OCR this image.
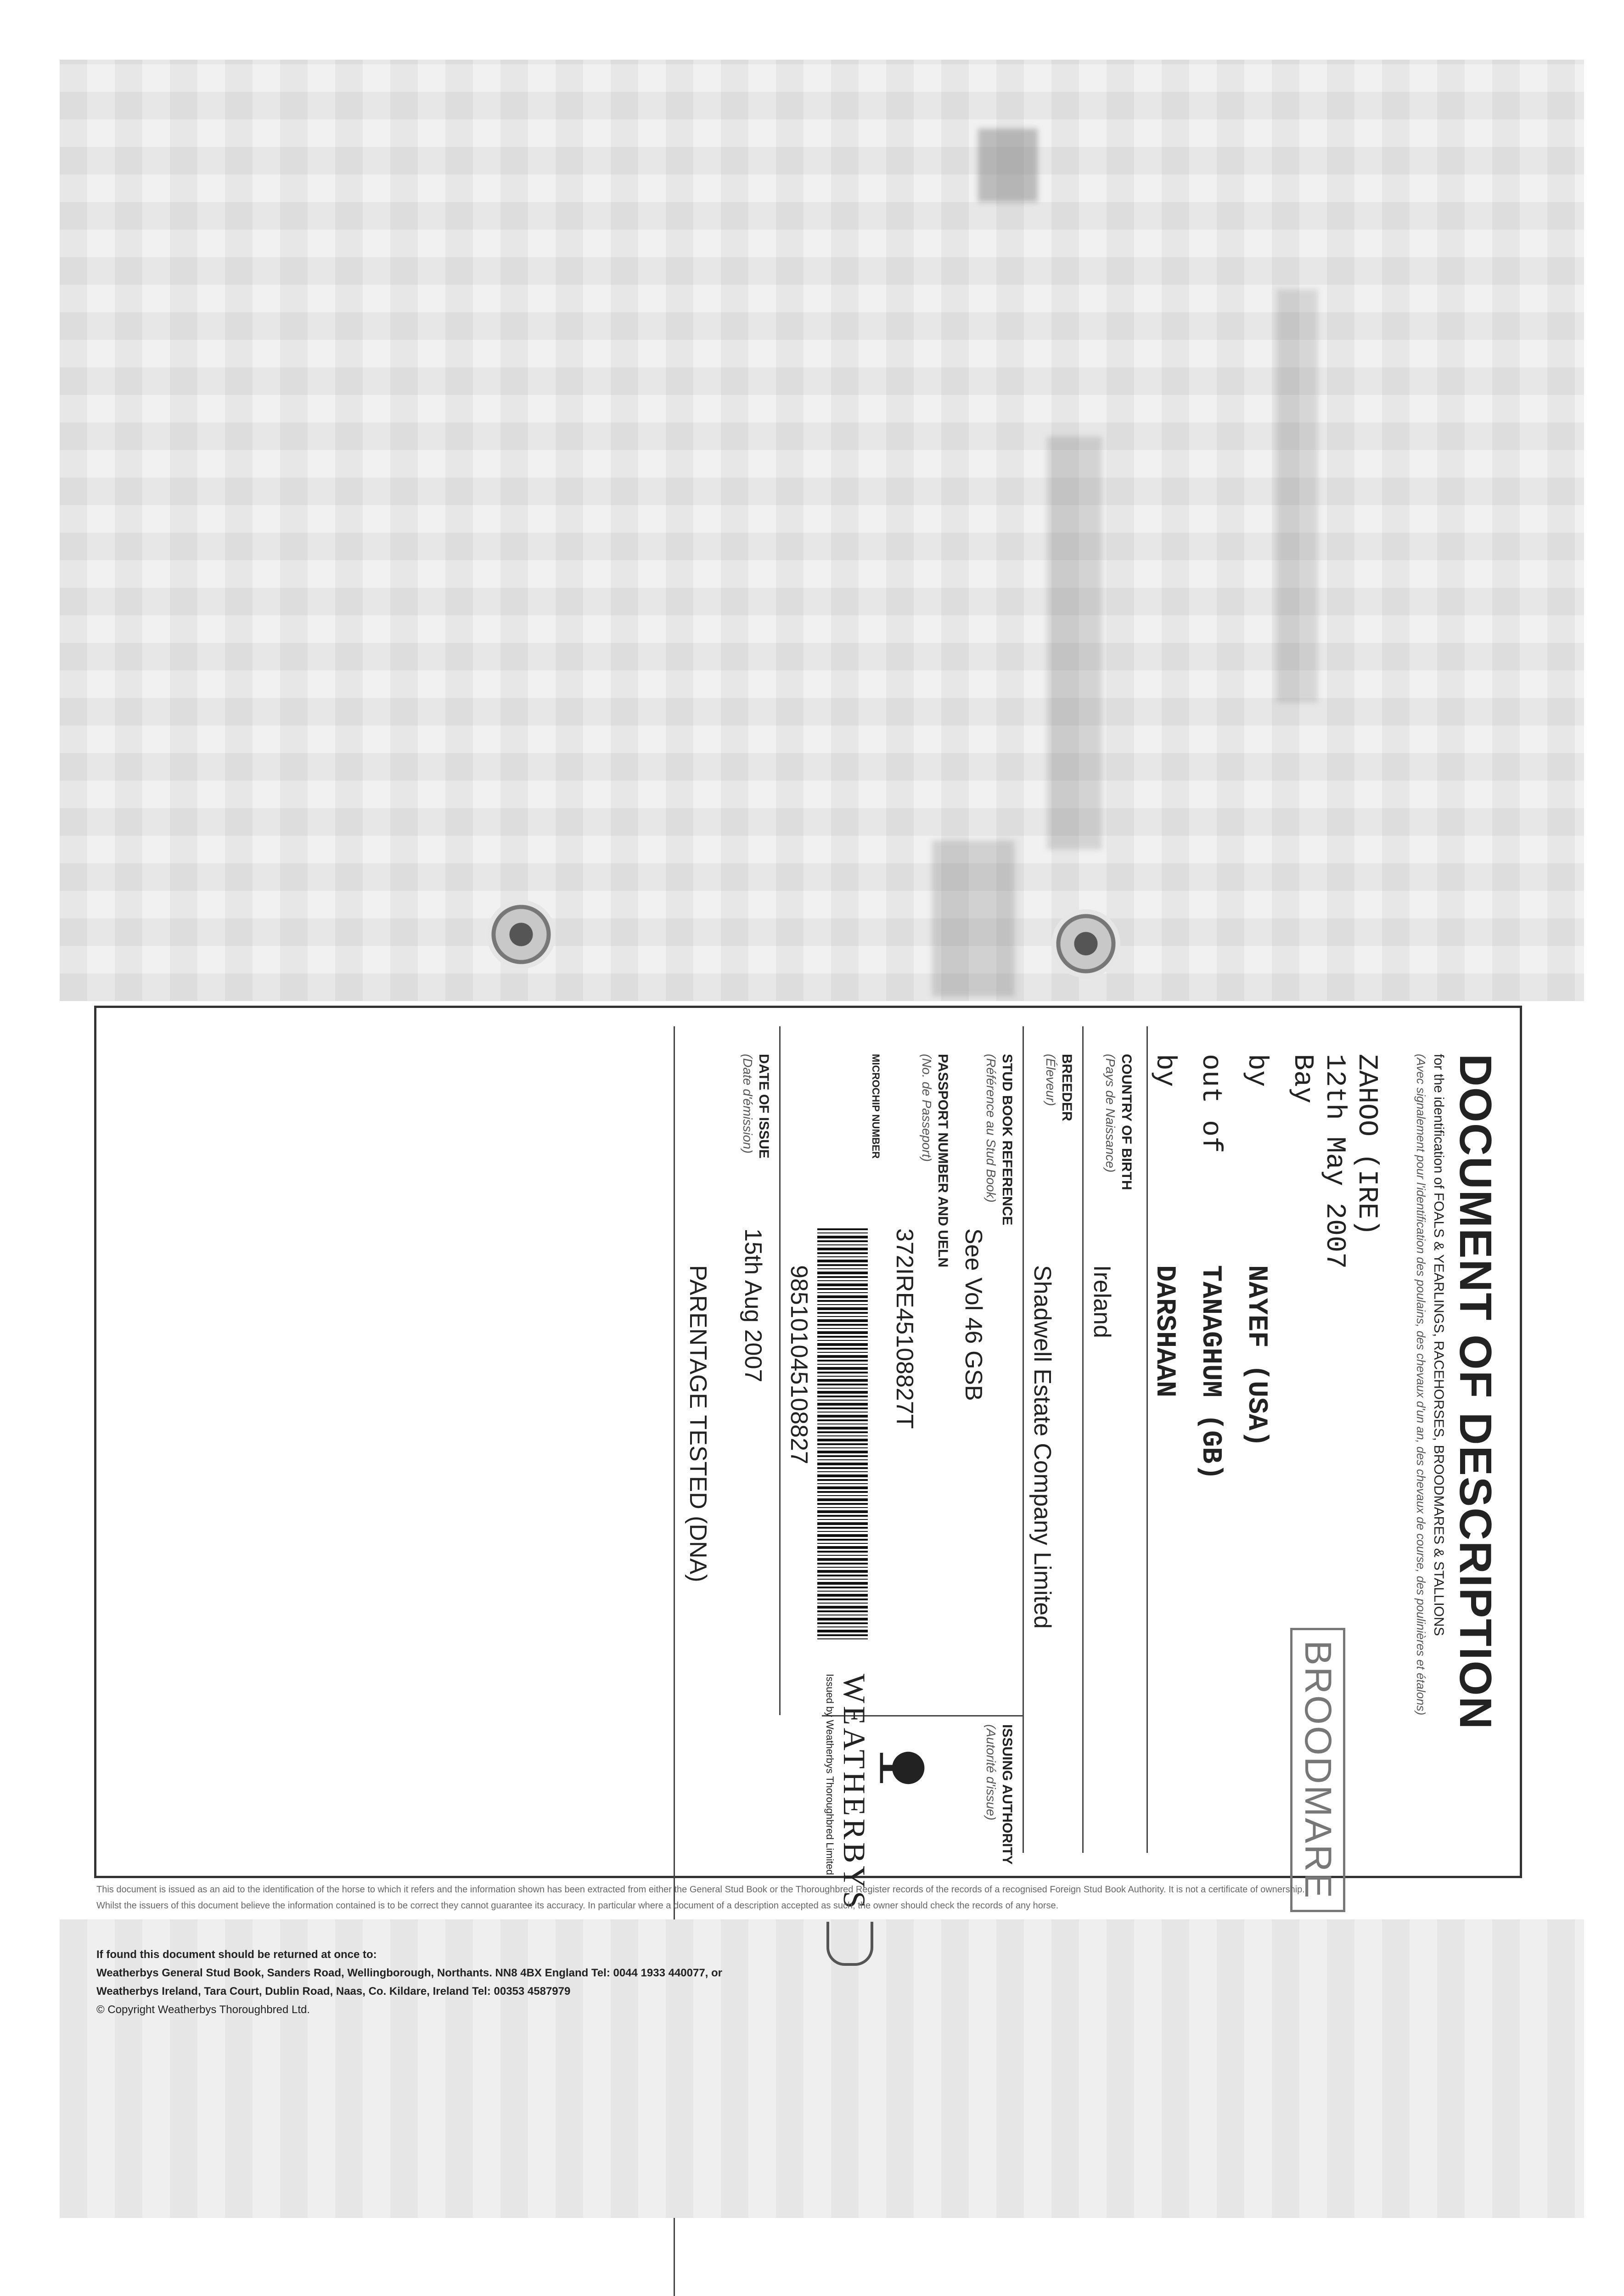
DOCUMENT OF DESCRIPTION
for the identification of FOALS & YEARLINGS, RACEHORSES, BROODMARES & STALLIONS
(Avec signalement pour l'identification des poulains, des chevaux d'un an, des chevaux de course, des poulinières et étalons)
ZAHOO (IRE)
12th May 2007
Bay
by
NAYEF (USA)
out of
TANAGHUM (GB)
by
DARSHAAN
BROODMARE
COUNTRY OF BIRTH
(Pays de Naissance)
Ireland
BREEDER
(Éleveur)
Shadwell Estate Company Limited
STUD BOOK REFERENCE
(Référence au Stud Book)
See Vol 46 GSB
ISSUING AUTHORITY
(Autorité d'issue)
PASSPORT NUMBER AND UELN
(No. de Passeport)
372IRE45108827T
WEATHERBYS
Issued by Weatherbys Thoroughbred Limited
MICROCHIP NUMBER
985101045108827
DATE OF ISSUE
(Date d'émission)
15th Aug 2007
PARENTAGE TESTED (DNA)
This document is issued as an aid to the identification of the horse to which it refers and the information shown has been extracted from either the General Stud Book or the Thoroughbred Register records of the records of a recognised Foreign Stud Book Authority. It is not a certificate of ownership.
Whilst the issuers of this document believe the information contained is to be correct they cannot guarantee its accuracy. In particular where a document of a description accepted as such, the owner should check the records of any horse.
If found this document should be returned at once to:
Weatherbys General Stud Book, Sanders Road, Wellingborough, Northants. NN8 4BX England Tel: 0044 1933 440077, or
Weatherbys Ireland, Tara Court, Dublin Road, Naas, Co. Kildare, Ireland Tel: 00353 4587979
© Copyright Weatherbys Thoroughbred Ltd.
